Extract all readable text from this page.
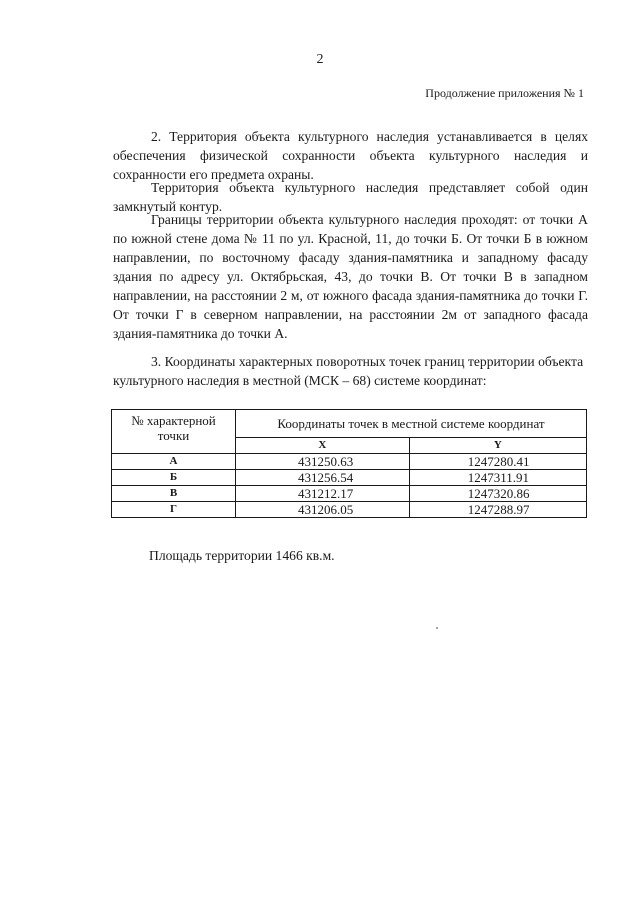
2
Продолжение приложения № 1

2. Территория объекта культурного наследия устанавливается в целях обеспечения физической сохранности объекта культурного наследия и сохранности его предмета охраны.

Территория объекта культурного наследия представляет собой один замкнутый контур.

Границы территории объекта культурного наследия проходят: от точки А по южной стене дома № 11 по ул. Красной, 11, до точки Б. От точки Б в южном направлении, по восточному фасаду здания-памятника и западному фасаду здания по адресу ул. Октябрьская, 43, до точки В. От точки В в западном направлении, на расстоянии 2 м, от южного фасада здания-памятника до точки Г. От точки Г в северном направлении, на расстоянии 2м от западного фасада здания-памятника до точки А.

3. Координаты характерных поворотных точек границ территории объекта культурного наследия в местной (МСК – 68) системе координат:

№ характерной точки	Координаты точек в местной системе координат	
	X	Y
А	431250.63	1247280.41
Б	431256.54	1247311.91
В	431212.17	1247320.86
Г	431206.05	1247288.97
Площадь территории 1466 кв.м.
